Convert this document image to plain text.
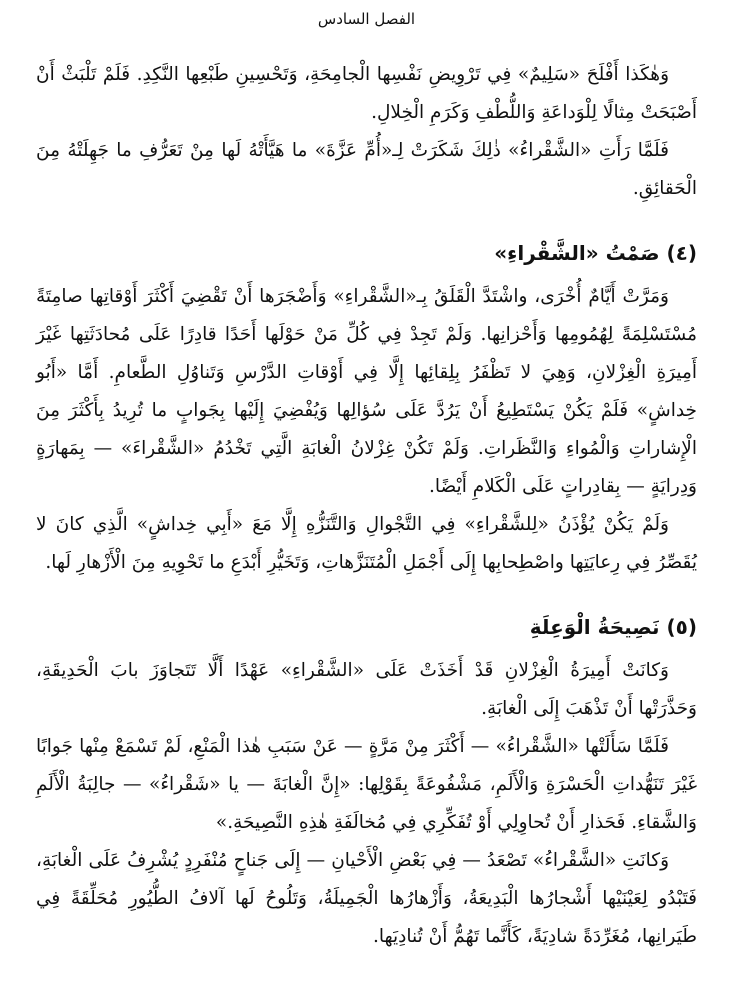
الفصل السادس

وَهٰكَذا أَفْلَحَ «سَلِيمٌ» فِي تَرْوِيضِ نَفْسِها الْجامِحَةِ، وَتَحْسِينِ طَبْعِها النَّكِدِ. فَلَمْ تَلْبَثْ أَنْ أَصْبَحَتْ مِثالًا لِلْوَداعَةِ وَاللُّطْفِ وَكَرَمِ الْخِلالِ.

فَلَمَّا رَأَتِ «الشَّقْراءُ» ذٰلِكَ شَكَرَتْ لِـ«أُمِّ عَزَّةَ» ما هَيَّأَتْهُ لَها مِنْ تَعَرُّفِ ما جَهِلَتْهُ مِنَ الْحَقائِقِ.

(٤) صَمْتُ «الشَّقْراءِ»

وَمَرَّتْ أَيَّامٌ أُخْرَى، واشْتَدَّ الْقَلَقُ بِـ«الشَّقْراءِ» وَأَضْجَرَها أَنْ تَقْضِيَ أَكْثَرَ أَوْقاتِها صامِتَةً مُسْتَسْلِمَةً لِهُمُومِها وَأَحْزانِها. وَلَمْ تَجِدْ فِي كُلِّ مَنْ حَوْلَها أَحَدًا قادِرًا عَلَى مُحادَثَتِها غَيْرَ أَمِيرَةِ الْغِزْلانِ، وَهِيَ لا تَظْفَرُ بِلِقائِها إِلَّا فِي أَوْقاتِ الدَّرْسِ وَتَناوُلِ الطَّعامِ. أَمَّا «أَبُو خِداشٍ» فَلَمْ يَكُنْ يَسْتَطِيعُ أَنْ يَرُدَّ عَلَى سُؤالِها وَيُفْضِيَ إِلَيْها بِجَوابٍ ما تُرِيدُ بِأَكْثَرَ مِنَ الْإِشاراتِ وَالْمُواءِ وَالنَّظَراتِ. وَلَمْ تَكُنْ غِزْلانُ الْغابَةِ الَّتِي تَخْدُمُ «الشَّقْراءَ» — بِمَهارَةٍ وَدِرايَةٍ — بِقادِراتٍ عَلَى الْكَلامِ أَيْضًا.

وَلَمْ يَكُنْ يُؤْذَنُ «لِلشَّقْراءِ» فِي التَّجْوالِ وَالتَّنَزُّهِ إِلَّا مَعَ «أَبِي خِداشٍ» الَّذِي كانَ لا يُقَصِّرُ فِي رِعايَتِها واصْطِحابِها إِلَى أَجْمَلِ الْمُتَنَزَّهاتِ، وَتَخَيُّرِ أَبْدَعِ ما تَحْوِيهِ مِنَ الْأَزْهارِ لَها.

(٥) نَصِيحَةُ الْوَعِلَةِ

وَكانَتْ أَمِيرَةُ الْغِزْلانِ قَدْ أَخَذَتْ عَلَى «الشَّقْراءِ» عَهْدًا أَلَّا تَتَجاوَزَ بابَ الْحَدِيقَةِ، وَحَذَّرَتْها أَنْ تَذْهَبَ إِلَى الْغابَةِ.

فَلَمَّا سَأَلَتْها «الشَّقْراءُ» — أَكْثَرَ مِنْ مَرَّةٍ — عَنْ سَبَبِ هٰذا الْمَنْعِ، لَمْ تَسْمَعْ مِنْها جَوابًا غَيْرَ تَنَهُّداتِ الْحَسْرَةِ وَالْأَلَمِ، مَشْفُوعَةً بِقَوْلِها: «إِنَّ الْغابَةَ — يا «شَقْراءُ» — جالِبَةُ الْأَلَمِ وَالشَّقاءِ. فَحَذارِ أَنْ تُحاوِلِي أَوْ تُفَكِّرِي فِي مُخالَفَةِ هٰذِهِ النَّصِيحَةِ.»

وَكانَتِ «الشَّقْراءُ» تَصْعَدُ — فِي بَعْضِ الْأَحْيانِ — إِلَى جَناحٍ مُنْفَرِدٍ يُشْرِفُ عَلَى الْغابَةِ، فَتَبْدُو لِعَيْنَيْها أَشْجارُها الْبَدِيعَةُ، وَأَزْهارُها الْجَمِيلَةُ، وَتَلُوحُ لَها آلافُ الطُّيُورِ مُحَلِّقَةً فِي طَيَرانِها، مُغَرِّدَةً شادِيَةً، كَأَنَّما تَهُمُّ أَنْ تُنادِيَها.
